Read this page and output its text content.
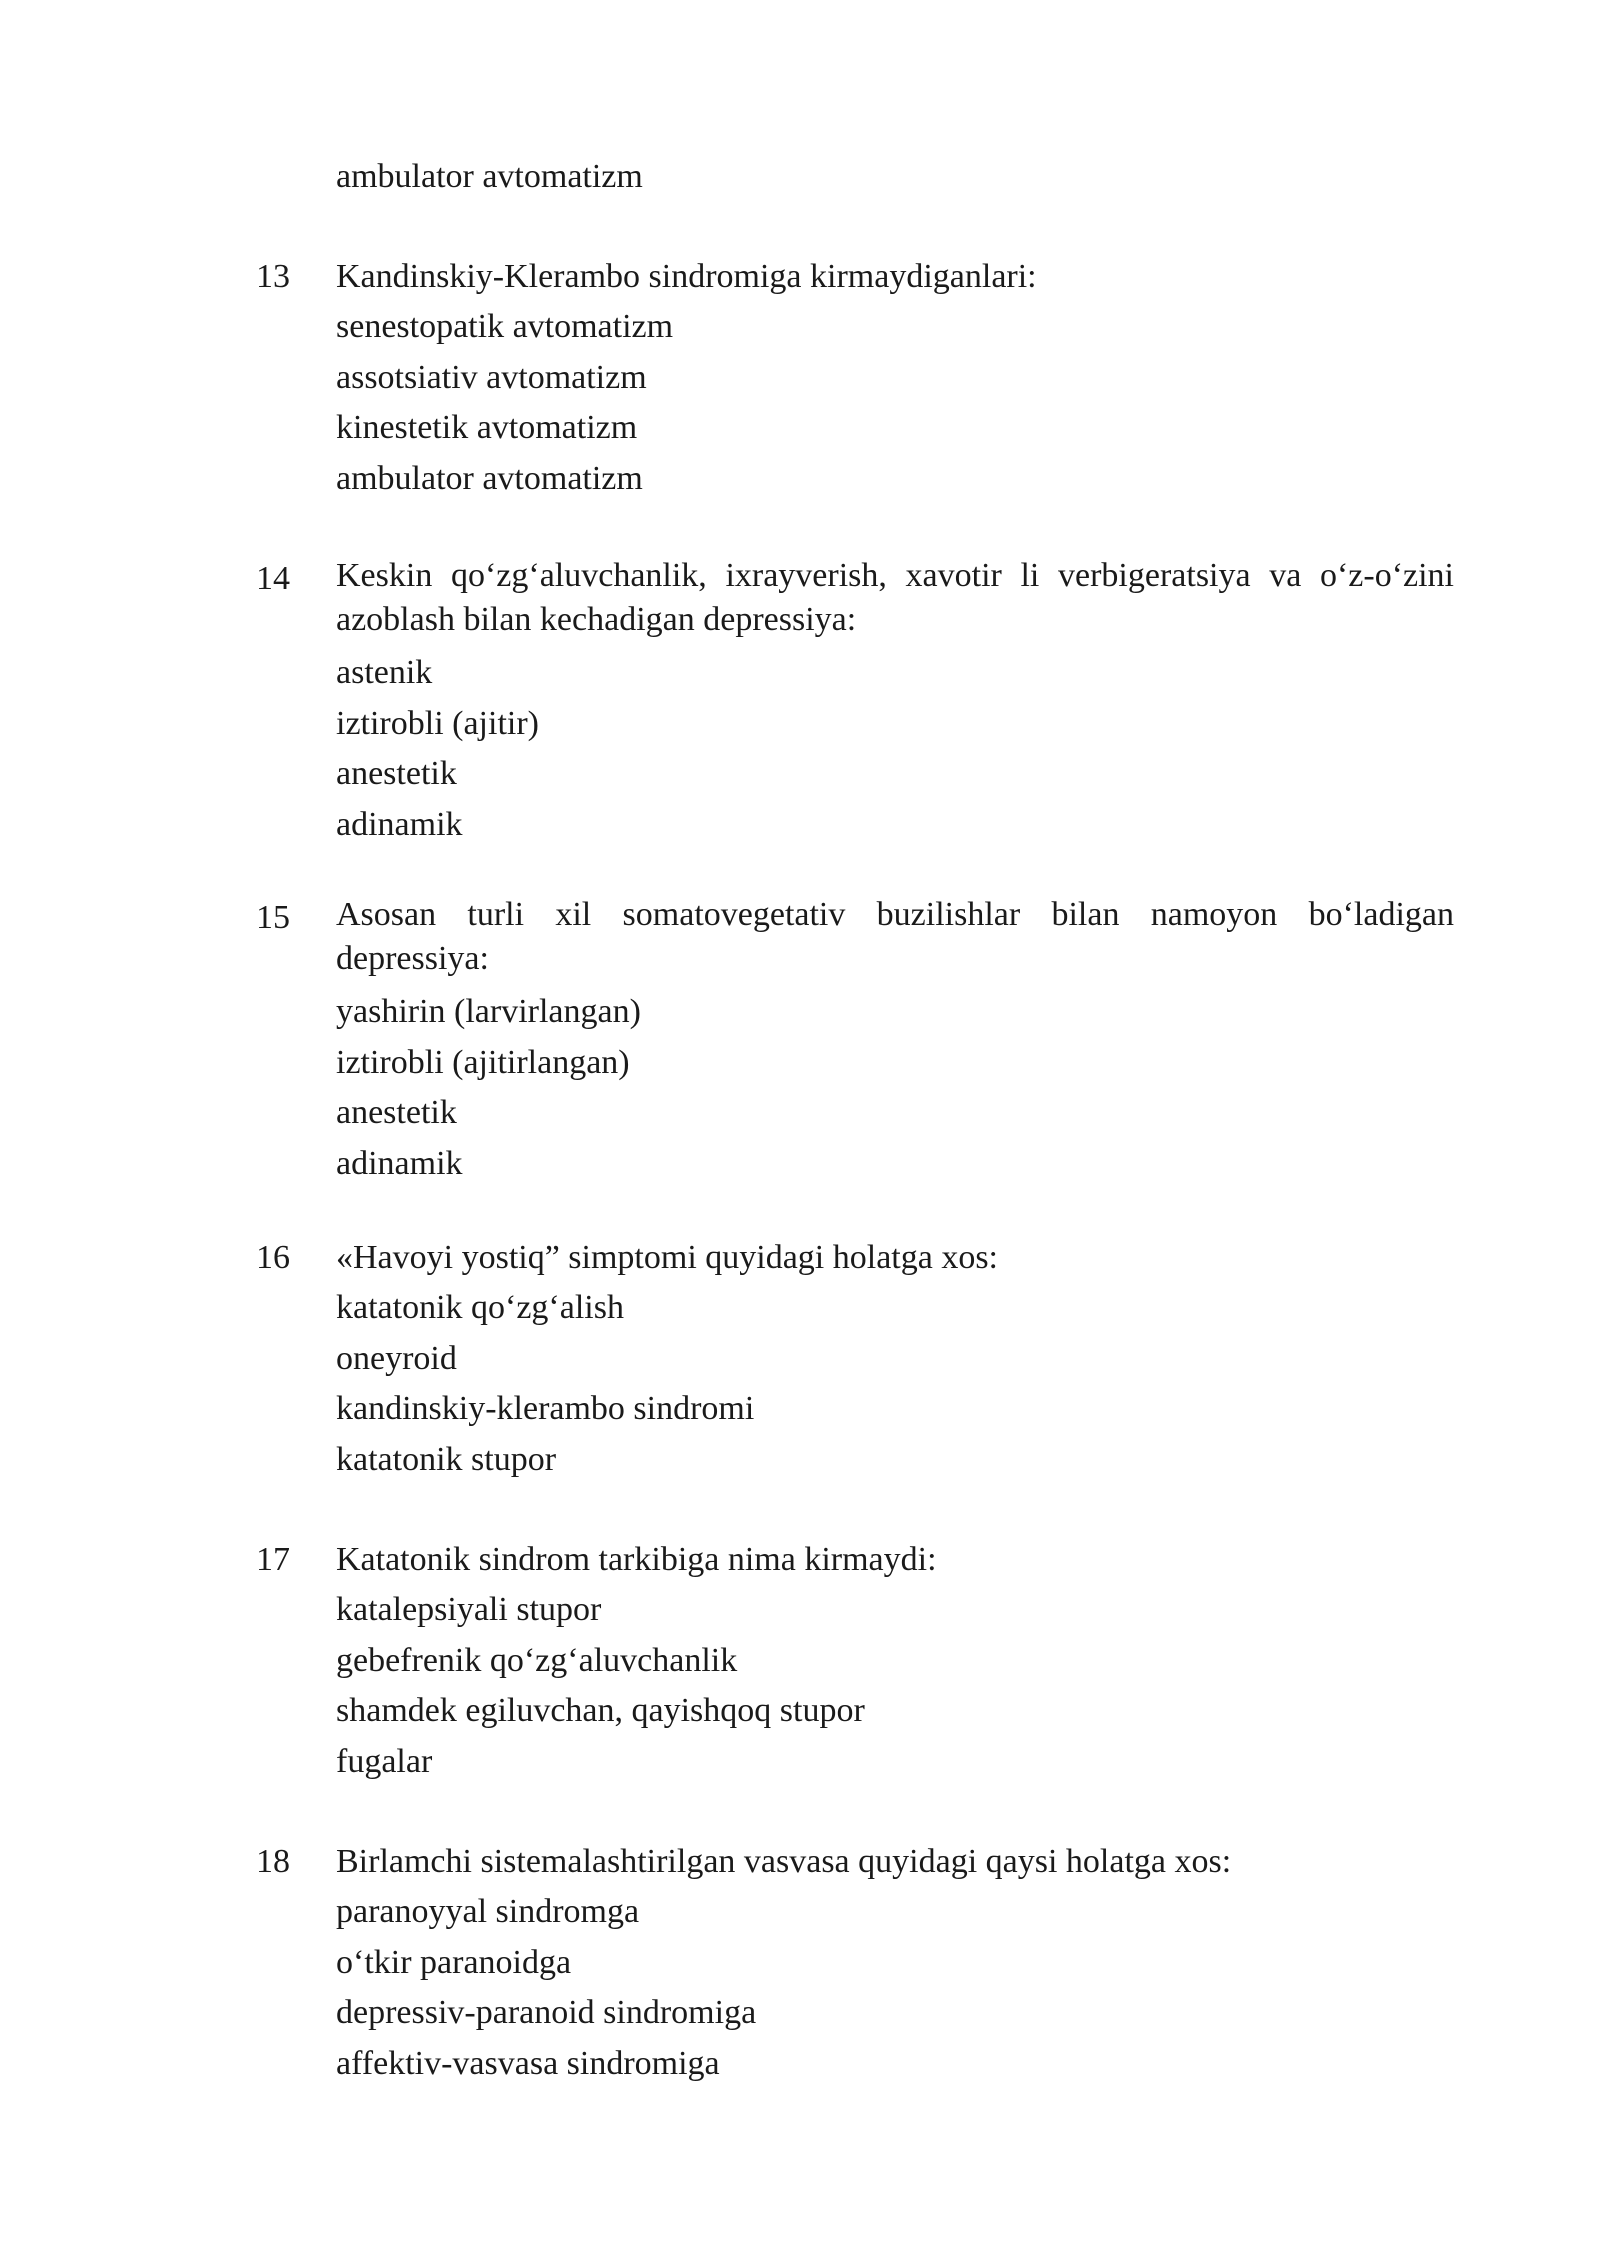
ambulator avtomatizm
13 Kandinskiy-Klerambo sindromiga kirmaydiganlari:

senestopatik avtomatizm
assotsiativ avtomatizm
kinestetik avtomatizm
ambulator avtomatizm
14 Keskin qo‘zg‘aluvchanlik, ixrayverish, xavotir li verbigeratsiya va o‘z-o‘zini azoblash bilan kechadigan depressiya:

astenik
iztirobli (ajitir)
anestetik
adinamik
15 Asosan turli xil somatovegetativ buzilishlar bilan namoyon bo‘ladigan depressiya:

yashirin (larvirlangan)
iztirobli (ajitirlangan)
anestetik
adinamik
16 «Havoyi yostiq” simptomi quyidagi holatga xos:

katatonik qo‘zg‘alish
oneyroid
kandinskiy-klerambo sindromi
katatonik stupor
17 Katatonik sindrom tarkibiga nima kirmaydi:

katalepsiyali stupor
gebefrenik qo‘zg‘aluvchanlik
shamdek egiluvchan, qayishqoq stupor
fugalar
18 Birlamchi sistemalashtirilgan vasvasa quyidagi qaysi holatga xos:

paranoyyal sindromga
o‘tkir paranoidga
depressiv-paranoid sindromiga
affektiv-vasvasa sindromiga
